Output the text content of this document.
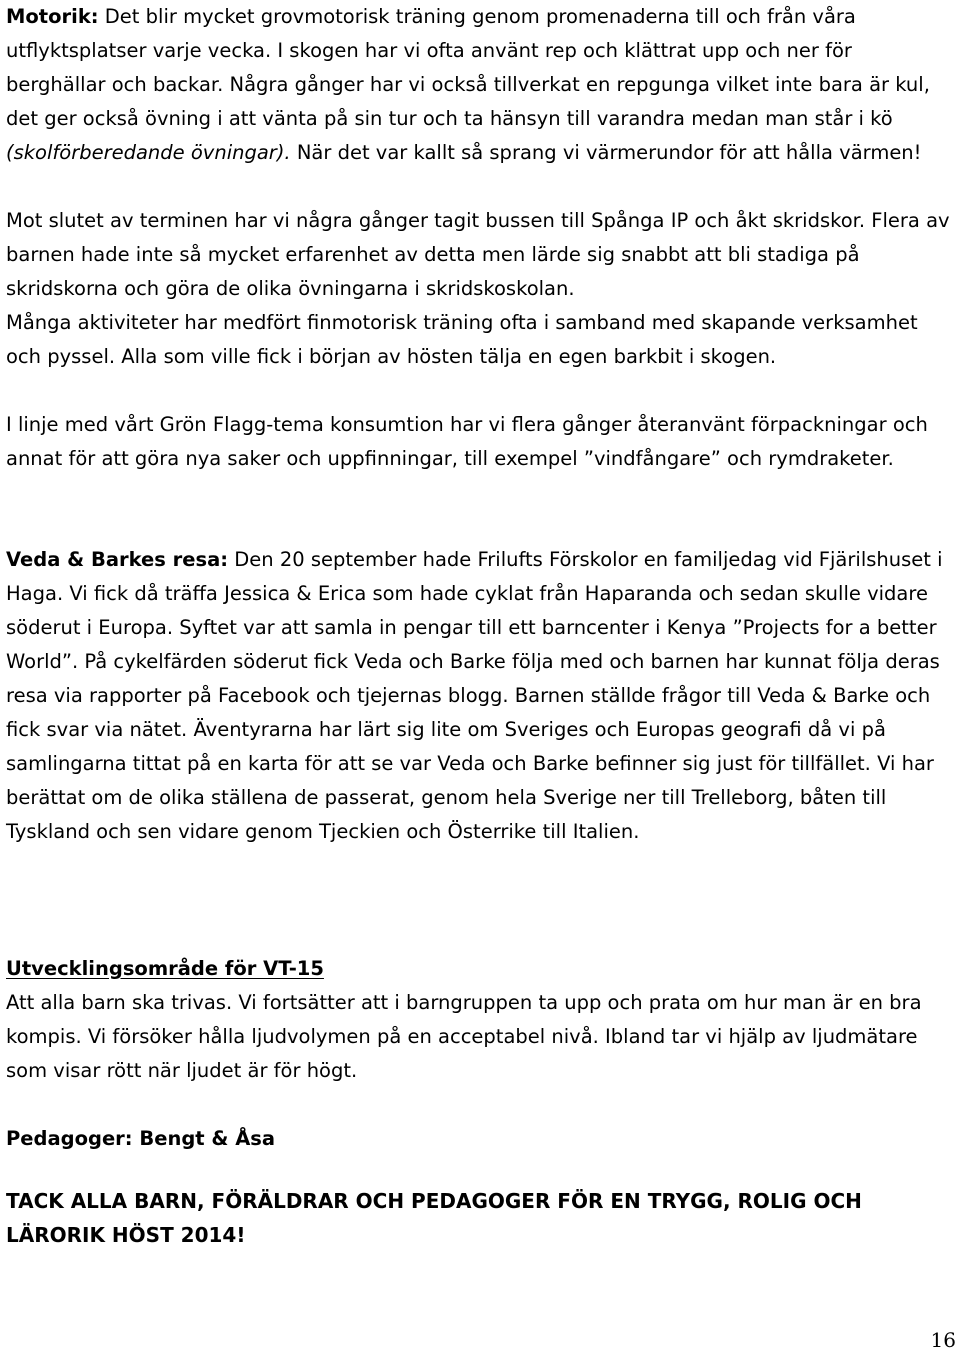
Motorik: Det blir mycket grovmotorisk träning genom promenaderna till och från våra utflyktsplatser varje vecka. I skogen har vi ofta använt rep och klättrat upp och ner för berghällar och backar. Några gånger har vi också tillverkat en repgunga vilket inte bara är kul, det ger också övning i att vänta på sin tur och ta hänsyn till varandra medan man står i kö (skolförberedande övningar). När det var kallt så sprang vi värmerundor för att hålla värmen!
Mot slutet av terminen har vi några gånger tagit bussen till Spånga IP och åkt skridskor. Flera av barnen hade inte så mycket erfarenhet av detta men lärde sig snabbt att bli stadiga på skridskorna och göra de olika övningarna i skridskoskolan.
Många aktiviteter har medfört finmotorisk träning ofta i samband med skapande verksamhet och pyssel. Alla som ville fick i början av hösten tälja en egen barkbit i skogen.
I linje med vårt Grön Flagg-tema konsumtion har vi flera gånger återanvänt förpackningar och annat för att göra nya saker och uppfinningar, till exempel ”vindfångare” och rymdraketer.
Veda & Barkes resa: Den 20 september hade Frilufts Förskolor en familjedag vid Fjärilshuset i Haga. Vi fick då träffa Jessica & Erica som hade cyklat från Haparanda och sedan skulle vidare söderut i Europa. Syftet var att samla in pengar till ett barncenter i Kenya ”Projects for a better World”. På cykelfärden söderut fick Veda och Barke följa med och barnen har kunnat följa deras resa via rapporter på Facebook och tjejernas blogg. Barnen ställde frågor till Veda & Barke och fick svar via nätet. Äventyrarna har lärt sig lite om Sveriges och Europas geografi då vi på samlingarna tittat på en karta för att se var Veda och Barke befinner sig just för tillfället. Vi har berättat om de olika ställena de passerat, genom hela Sverige ner till Trelleborg, båten till Tyskland och sen vidare genom Tjeckien och Österrike till Italien.
Utvecklingsområde för VT-15
Att alla barn ska trivas. Vi fortsätter att i barngruppen ta upp och prata om hur man är en bra kompis. Vi försöker hålla ljudvolymen på en acceptabel nivå. Ibland tar vi hjälp av ljudmätare som visar rött när ljudet är för högt.
Pedagoger: Bengt & Åsa
TACK ALLA BARN, FÖRÄLDRAR OCH PEDAGOGER FÖR EN TRYGG, ROLIG OCH LÄRORIK HÖST 2014!
16
